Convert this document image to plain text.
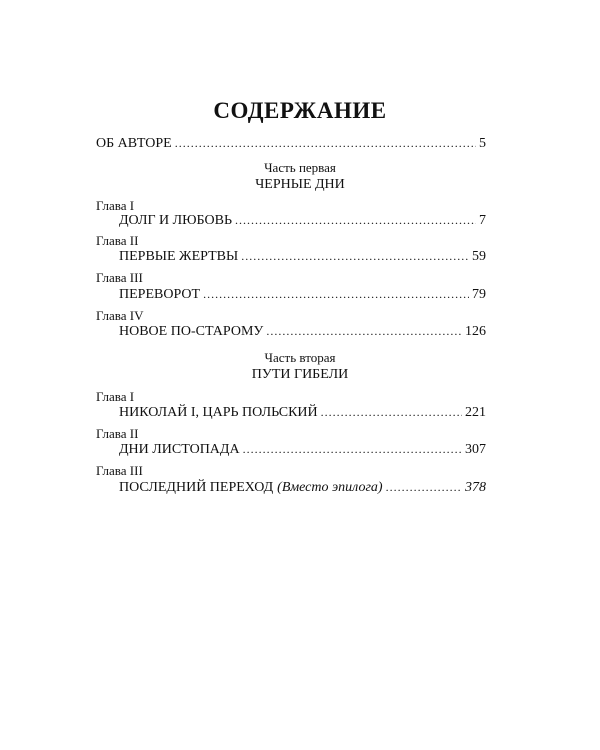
СОДЕРЖАНИЕ
ОБ АВТОРЕ .....	5
Часть первая
ЧЕРНЫЕ ДНИ
Глава I
ДОЛГ И ЛЮБОВЬ .....	7
Глава II
ПЕРВЫЕ ЖЕРТВЫ .....	59
Глава III
ПЕРЕВОРОТ .....	79
Глава IV
НОВОЕ ПО-СТАРОМУ .....	126
Часть вторая
ПУТИ ГИБЕЛИ
Глава I
НИКОЛАЙ I, ЦАРЬ ПОЛЬСКИЙ .....	221
Глава II
ДНИ ЛИСТОПАДА .....	307
Глава III
ПОСЛЕДНИЙ ПЕРЕХОД (Вместо эпилога) .....	378
